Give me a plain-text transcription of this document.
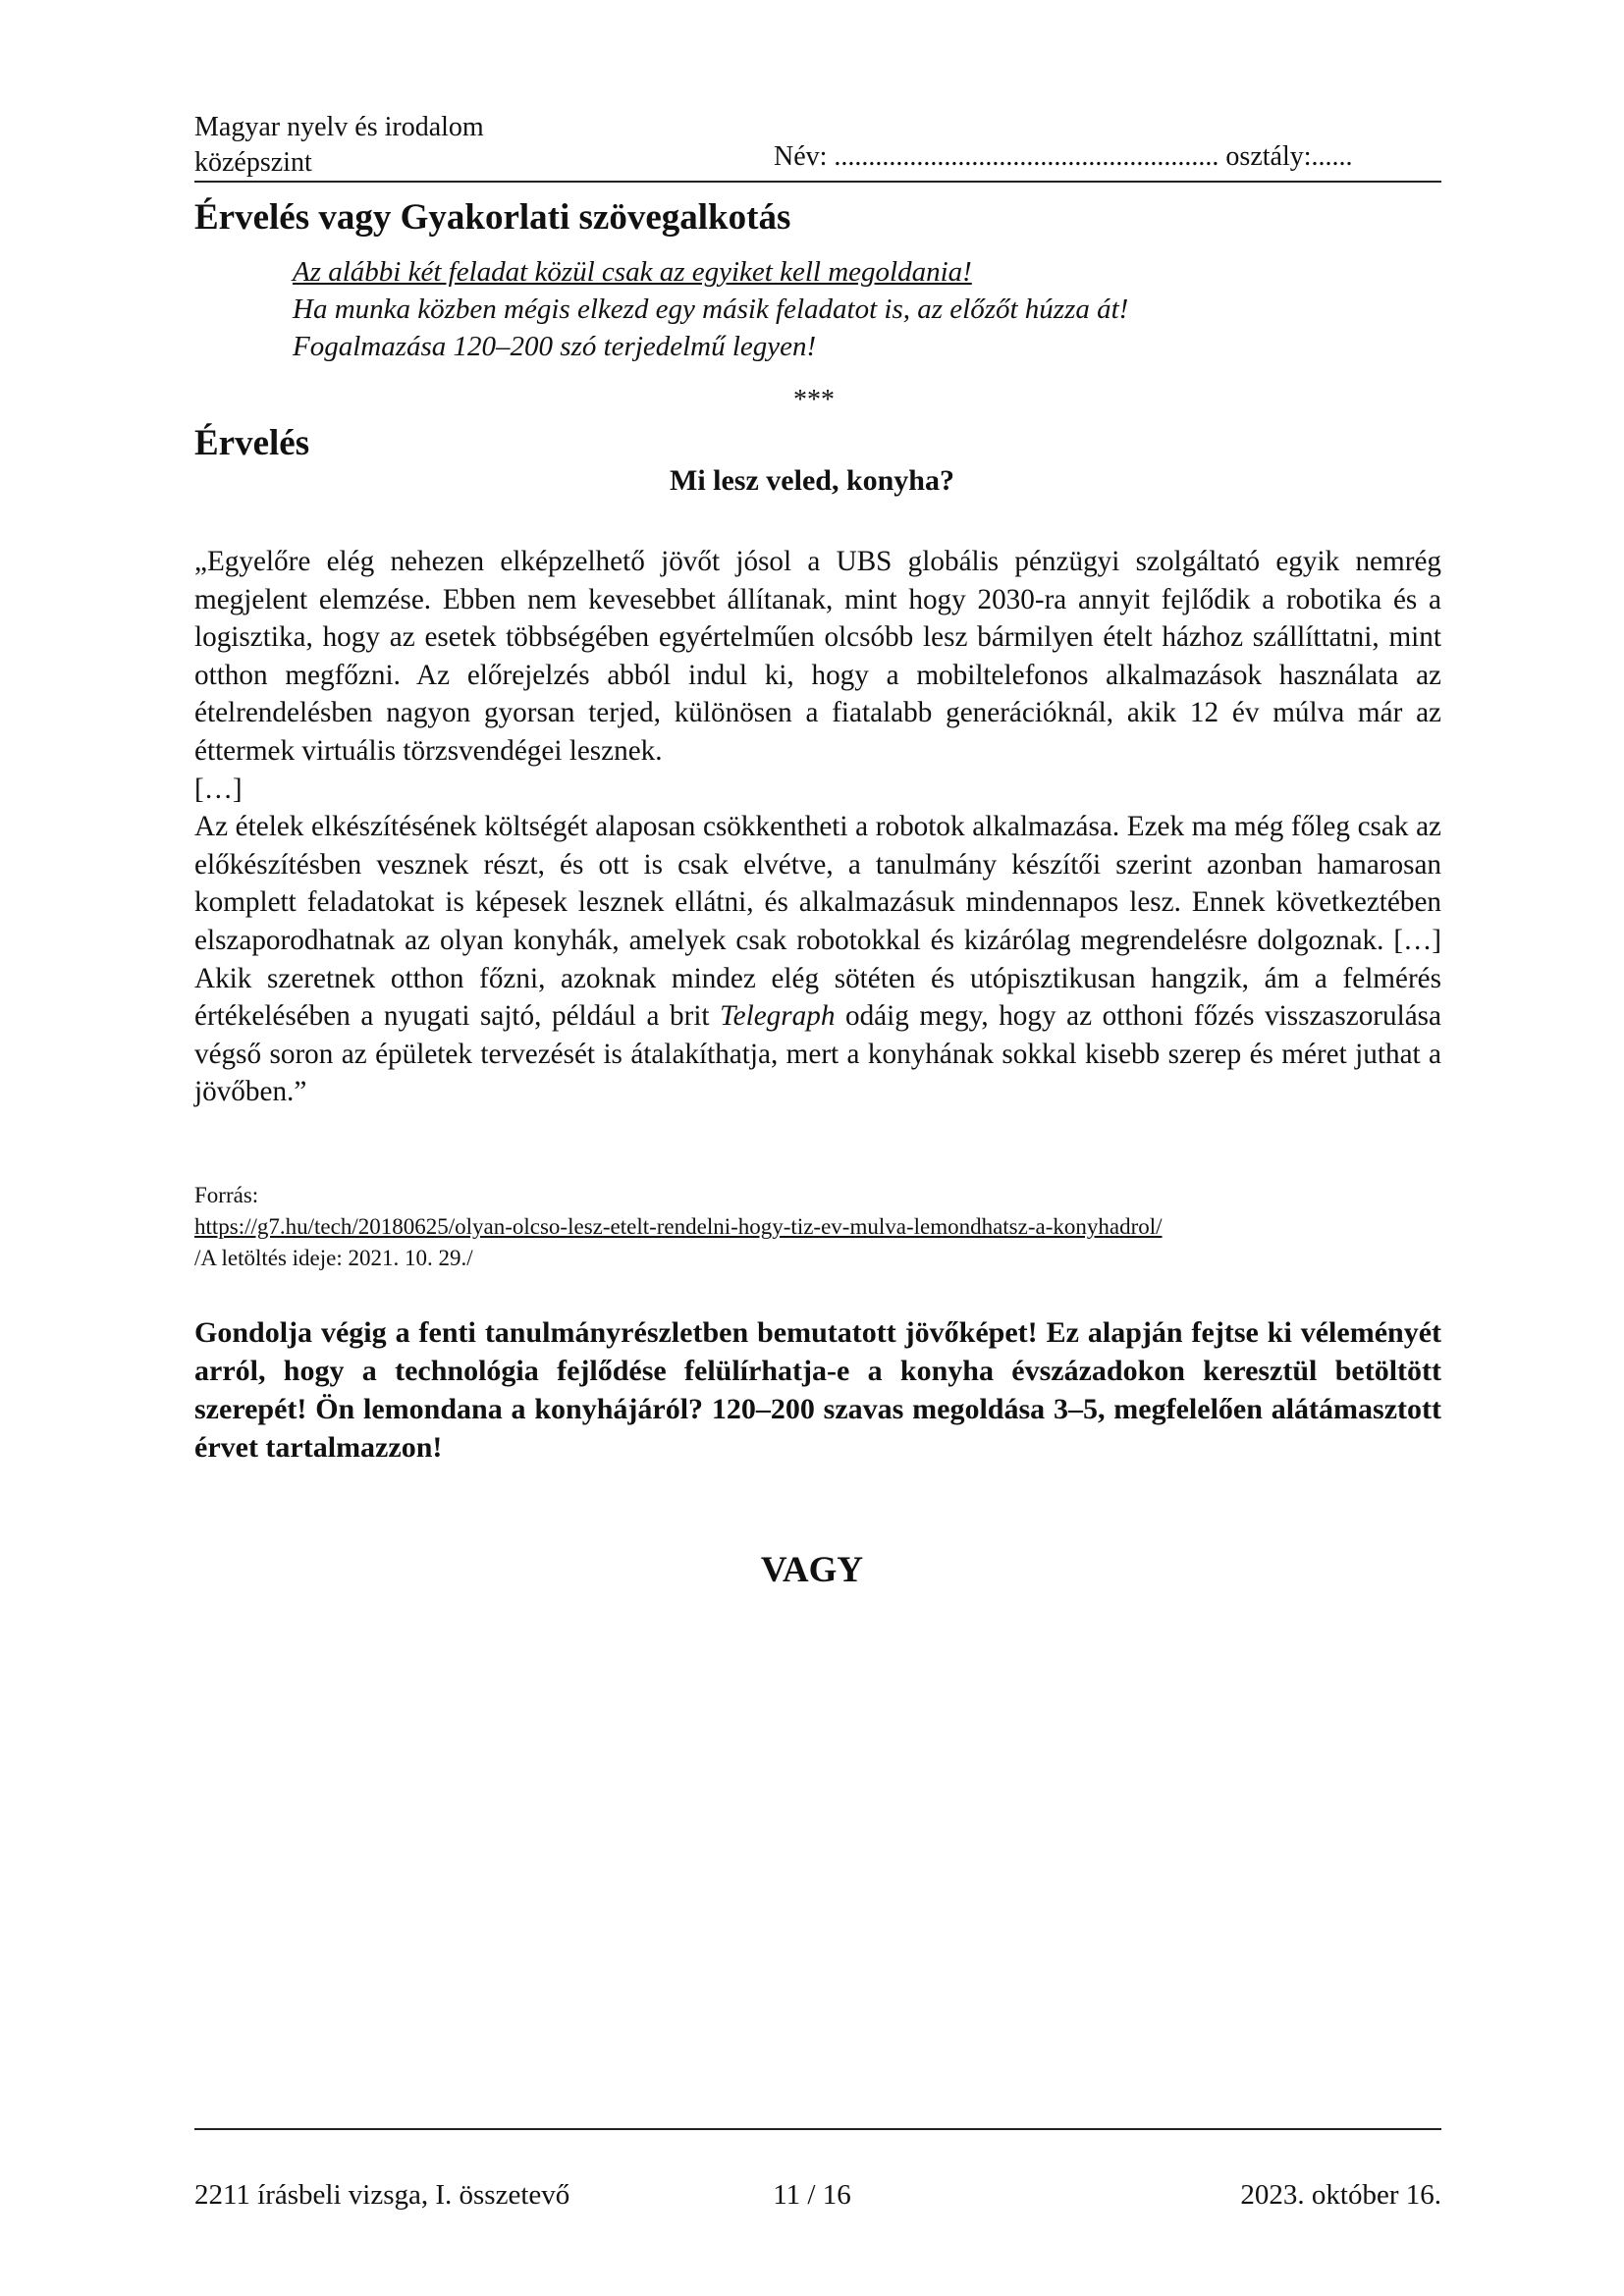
Magyar nyelv és irodalom
középszint	Név: ........................................................ osztály:......
Érvelés vagy Gyakorlati szövegalkotás
Az alábbi két feladat közül csak az egyiket kell megoldania!
Ha munka közben mégis elkezd egy másik feladatot is, az előzőt húzza át!
Fogalmazása 120–200 szó terjedelmű legyen!
***
Érvelés
Mi lesz veled, konyha?

„Egyelőre elég nehezen elképzelhető jövőt jósol a UBS globális pénzügyi szolgáltató egyik nemrég megjelent elemzése. Ebben nem kevesebbet állítanak, mint hogy 2030-ra annyit fejlődik a robotika és a logisztika, hogy az esetek többségében egyértelműen olcsóbb lesz bármilyen ételt házhoz szállíttatni, mint otthon megfőzni. Az előrejelzés abból indul ki, hogy a mobiltelefonos alkalmazások használata az ételrendelésben nagyon gyorsan terjed, különösen a fiatalabb generációknál, akik 12 év múlva már az éttermek virtuális törzsvendégei lesznek.

[…]

Az ételek elkészítésének költségét alaposan csökkentheti a robotok alkalmazása. Ezek ma még főleg csak az előkészítésben vesznek részt, és ott is csak elvétve, a tanulmány készítői szerint azonban hamarosan komplett feladatokat is képesek lesznek ellátni, és alkalmazásuk mindennapos lesz. Ennek következtében elszaporodhatnak az olyan konyhák, amelyek csak robotokkal és kizárólag megrendelésre dolgoznak. […] Akik szeretnek otthon főzni, azoknak mindez elég sötéten és utópisztikusan hangzik, ám a felmérés értékelésében a nyugati sajtó, például a brit Telegraph odáig megy, hogy az otthoni főzés visszaszorulása végső soron az épületek tervezését is átalakíthatja, mert a konyhának sokkal kisebb szerep és méret juthat a jövőben.”

Forrás:
https://g7.hu/tech/20180625/olyan-olcso-lesz-etelt-rendelni-hogy-tiz-ev-mulva-lemondhatsz-a-konyhadrol/
/A letöltés ideje: 2021. 10. 29./
Gondolja végig a fenti tanulmányrészletben bemutatott jövőképet! Ez alapján fejtse ki véleményét arról, hogy a technológia fejlődése felülírhatja-e a konyha évszázadokon keresztül betöltött szerepét! Ön lemondana a konyhájáról? 120–200 szavas megoldása 3–5, megfelelően alátámasztott érvet tartalmazzon!
VAGY
2211 írásbeli vizsga, I. összetevő	11 / 16	2023. október 16.
